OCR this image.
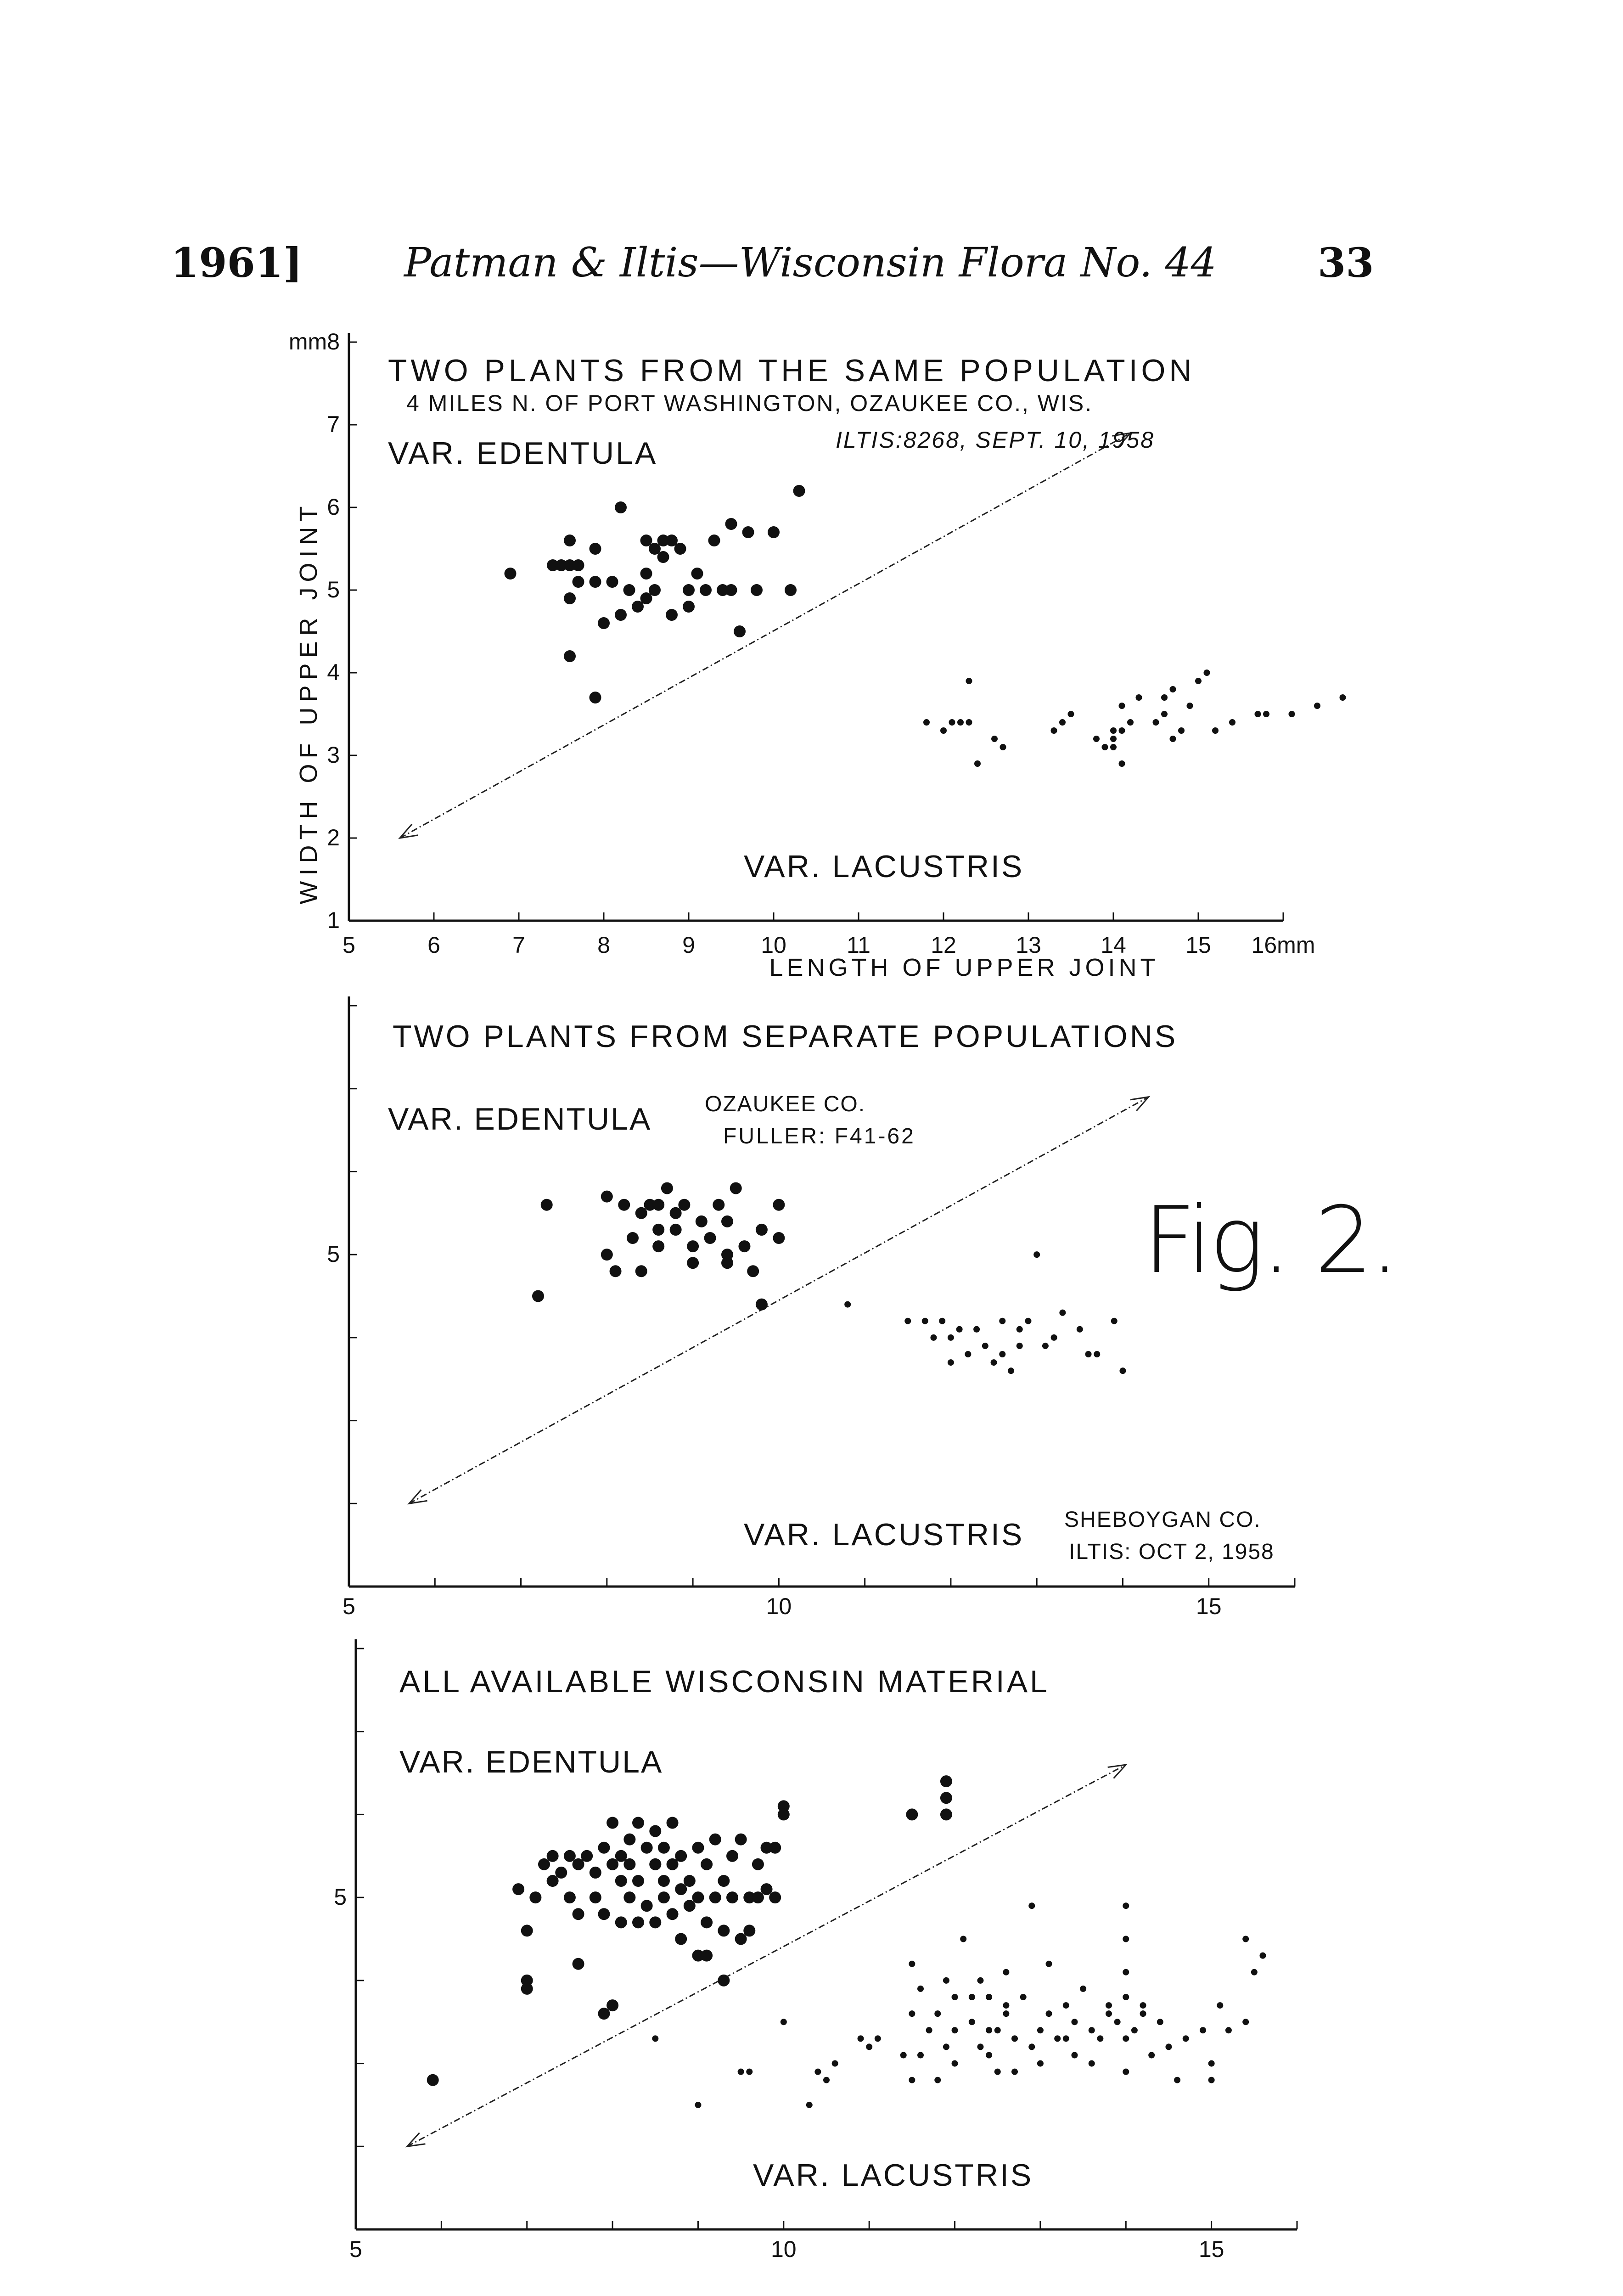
1961]	Patman & Iltis—Wisconsin Flora No. 44	33
5	6	7	8	9	10	11	12	13	14	15 16mm
1
2
3
4
5
6
7
mm8
TWO PLANTS FROM THE SAME POPULATION
4 MILES N. OF PORT WASHINGTON, OZAUKEE CO., WIS.
VAR. EDENTULA	ILTIS:8268, SEPT. 10, 1958
VAR. LACUSTRIS
WIDTH OF UPPER JOINT
LENGTH OF UPPER JOINT
5	10	15
5
TWO PLANTS FROM SEPARATE POPULATIONS
VAR. EDENTULA OZAUKEE CO.
FULLER: F41-62
VAR. LACUSTRIS SHEBOYGAN CO.
ILTIS: OCT 2, 1958
Fig. 2.
5	10	15
5
ALL AVAILABLE WISCONSIN MATERIAL
VAR. EDENTULA
VAR. LACUSTRIS
